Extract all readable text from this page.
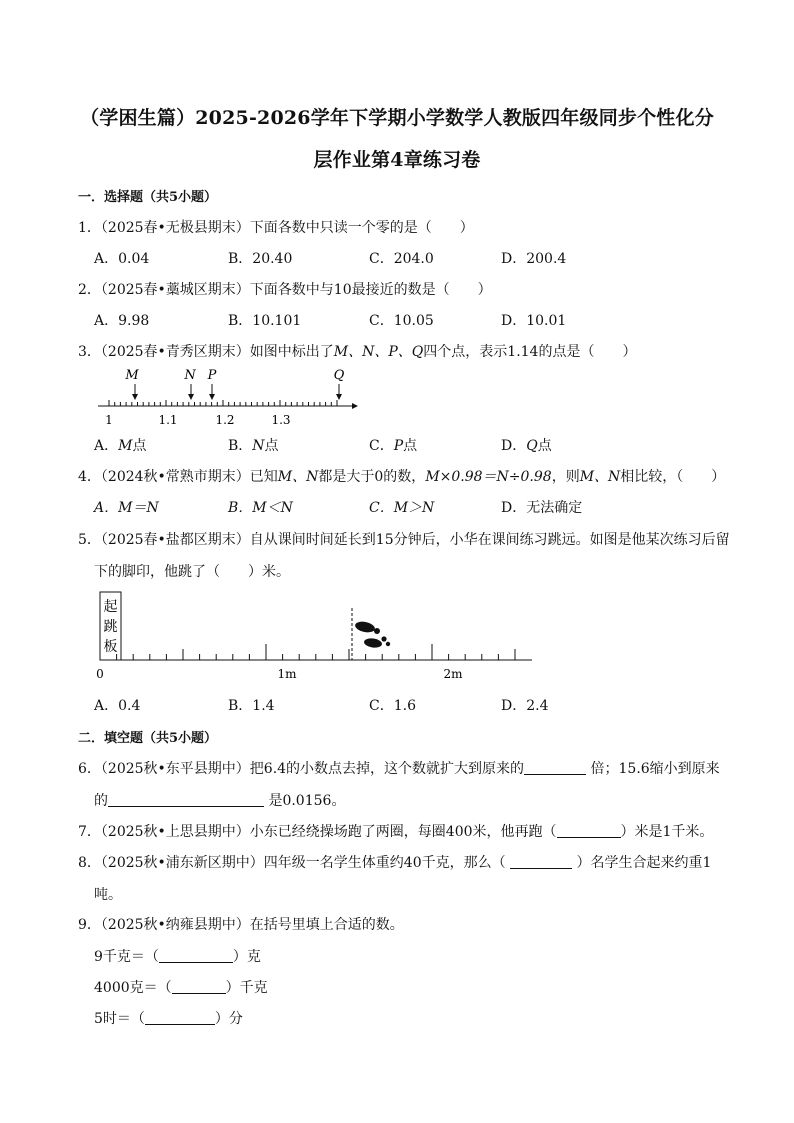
（学困生篇）2025-2026学年下学期小学数学人教版四年级同步个性化分
层作业第4章练习卷
一．选择题（共5小题）
1．（2025春•无极县期末）下面各数中只读一个零的是（　　）
A．0.04	B．20.40	C．204.0	D．200.4
2．（2025春•藁城区期末）下面各数中与10最接近的数是（　　）
A．9.98	B．10.101	C．10.05	D．10.01
3．（2025春•青秀区期末）如图中标出了M、N、P、Q四个点，表示1.14的点是（　　）
M	N P	Q
1	1.1	1.2	1.3
A．M点	B．N点	C．P点	D．Q点
4．（2024秋•常熟市期末）已知M、N都是大于0的数，M×0.98＝N÷0.98，则M、N相比较，（　　）
A．M＝N	B．M＜N	C．M＞N	D．无法确定
5．（2025春•盐都区期末）自从课间时间延长到15分钟后，小华在课间练习跳远。如图是他某次练习后留
下的脚印，他跳了（　　）米。
起
跳
板
0	1m	2m
A．0.4	B．1.4	C．1.6	D．2.4
二．填空题（共5小题）
6．（2025秋•东平县期中）把6.4的小数点去掉，这个数就扩大到原来的	倍；15.6缩小到原来
的	是0.0156。
7．（2025秋•上思县期中）小东已经绕操场跑了两圈，每圈400米，他再跑（	）米是1千米。
8．（2025秋•浦东新区期中）四年级一名学生体重约40千克，那么（	）名学生合起来约重1
吨。
9．（2025秋•纳雍县期中）在括号里填上合适的数。
9千克＝（	）克
4000克＝（	）千克
5时＝（	）分
